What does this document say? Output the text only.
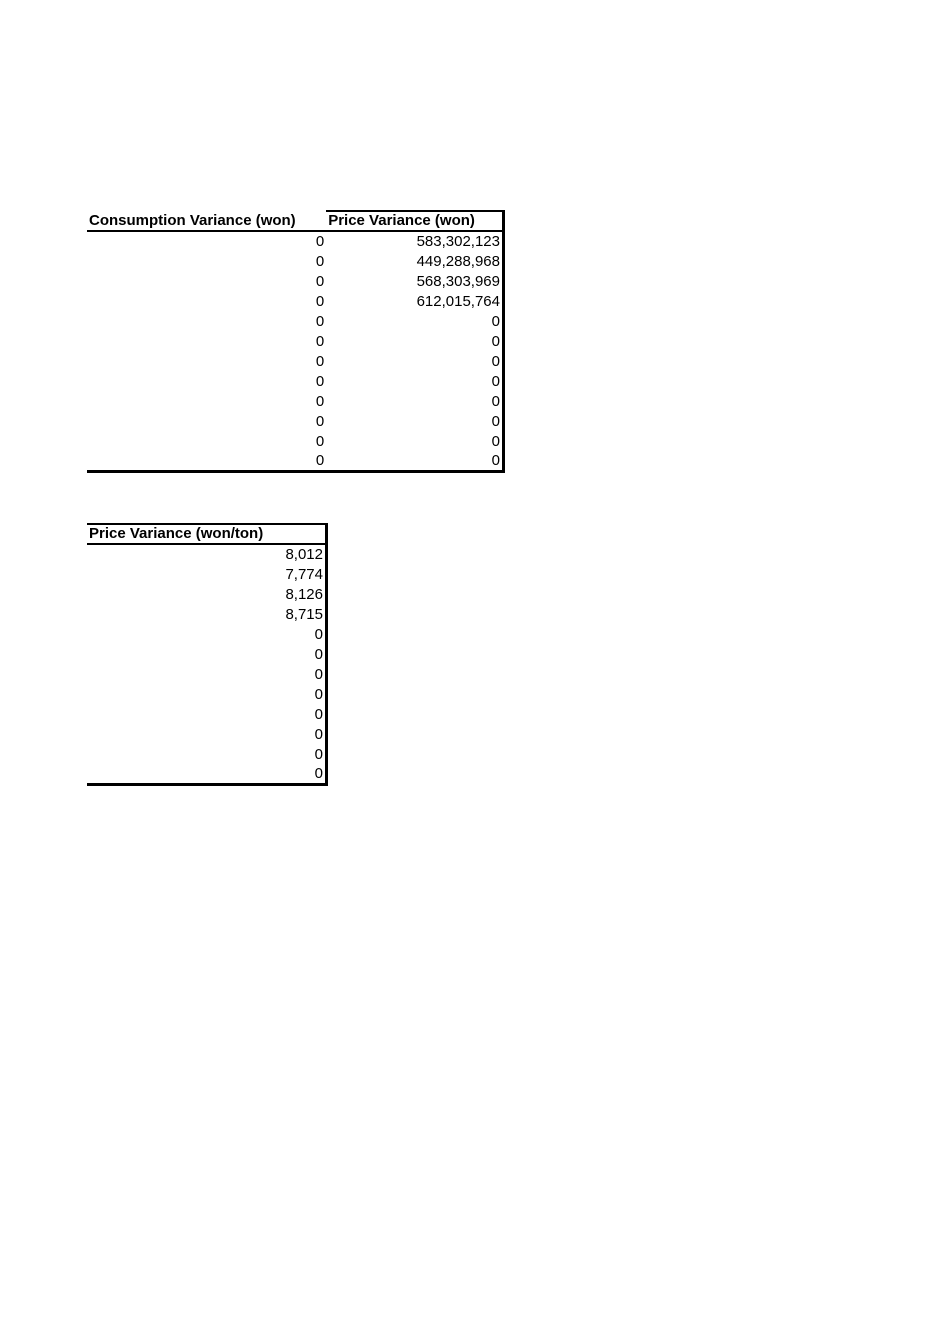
Consumption Variance (won)	Price Variance (won)
0	583,302,123
0	449,288,968
0	568,303,969
0	612,015,764
0	0
0	0
0	0
0	0
0	0
0	0
0	0
0	0
Price Variance (won/ton)
8,012
7,774
8,126
8,715
0
0
0
0
0
0
0
0
